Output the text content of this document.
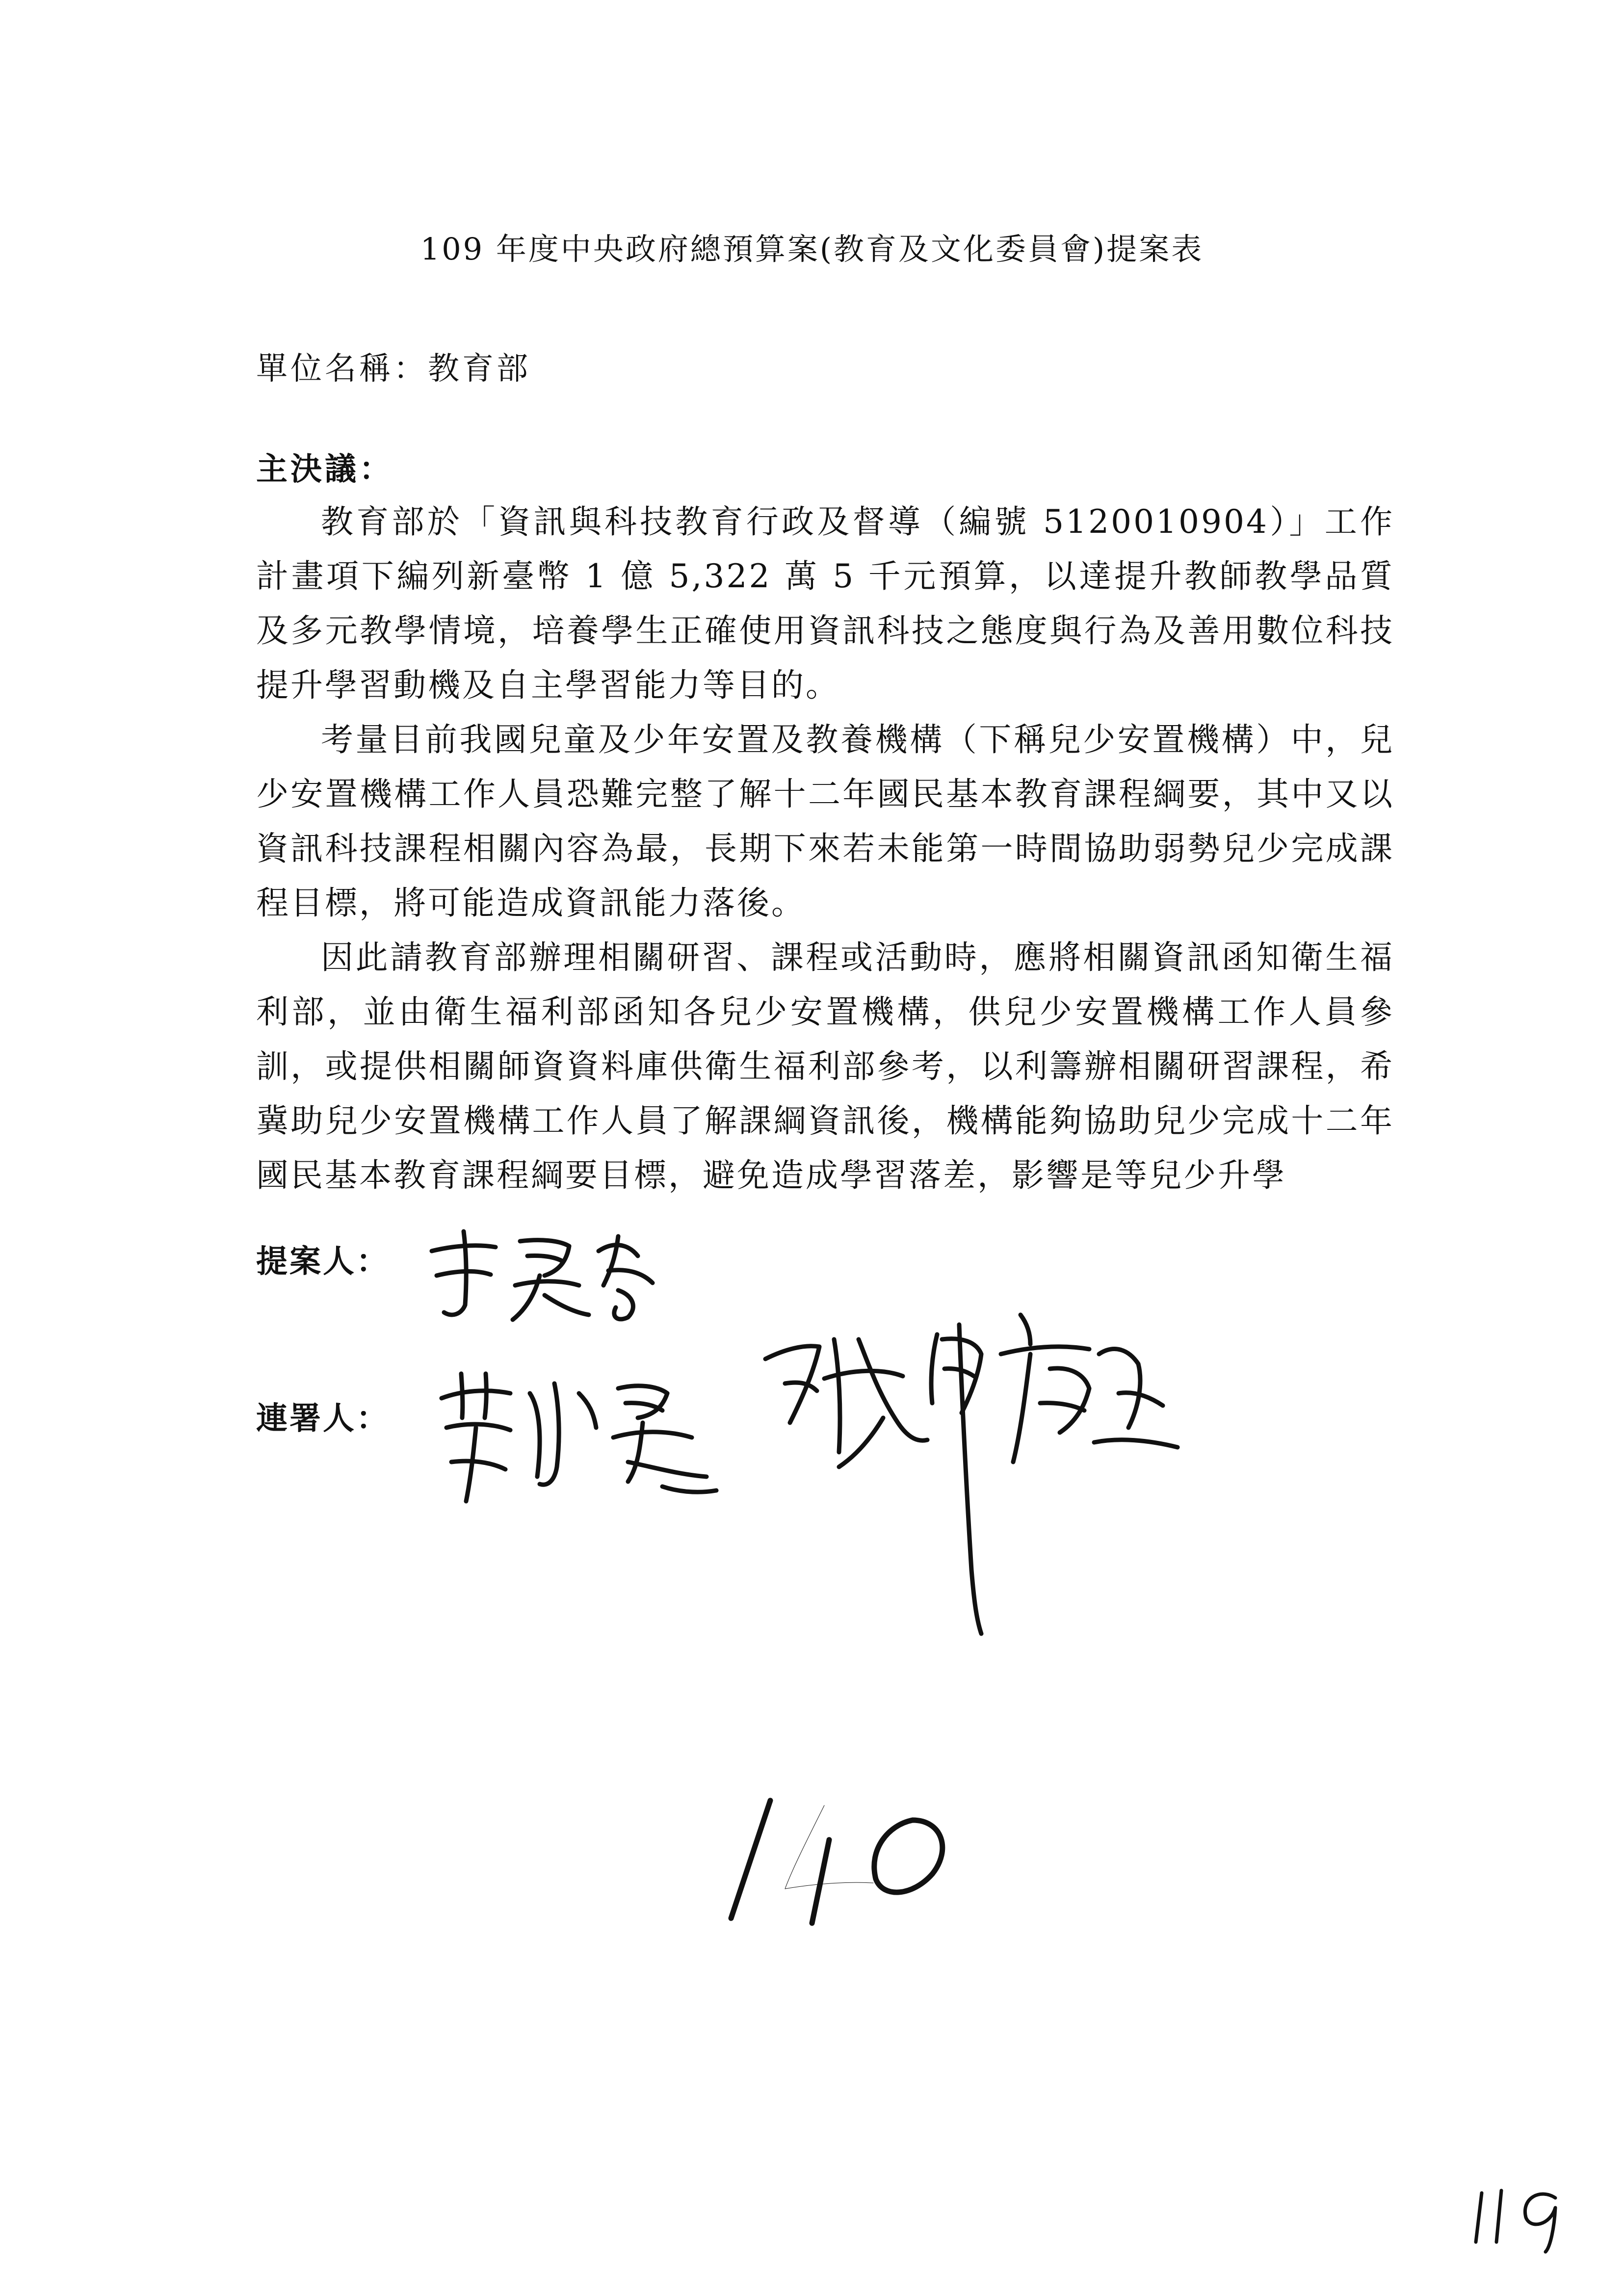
109 年度中央政府總預算案(教育及文化委員會)提案表
單位名稱：教育部
主決議：

教育部於「資訊與科技教育行政及督導（編號 5120010904）」工作計畫項下編列新臺幣 1 億 5,322 萬 5 千元預算，以達提升教師教學品質及多元教學情境，培養學生正確使用資訊科技之態度與行為及善用數位科技提升學習動機及自主學習能力等目的。

考量目前我國兒童及少年安置及教養機構（下稱兒少安置機構）中，兒少安置機構工作人員恐難完整了解十二年國民基本教育課程綱要，其中又以資訊科技課程相關內容為最，長期下來若未能第一時間協助弱勢兒少完成課程目標，將可能造成資訊能力落後。

因此請教育部辦理相關研習、課程或活動時，應將相關資訊函知衛生福利部，並由衛生福利部函知各兒少安置機構，供兒少安置機構工作人員參訓，或提供相關師資資料庫供衛生福利部參考，以利籌辦相關研習課程，希冀助兒少安置機構工作人員了解課綱資訊後，機構能夠協助兒少完成十二年國民基本教育課程綱要目標，避免造成學習落差，影響是等兒少升學

提案人：
連署人：
